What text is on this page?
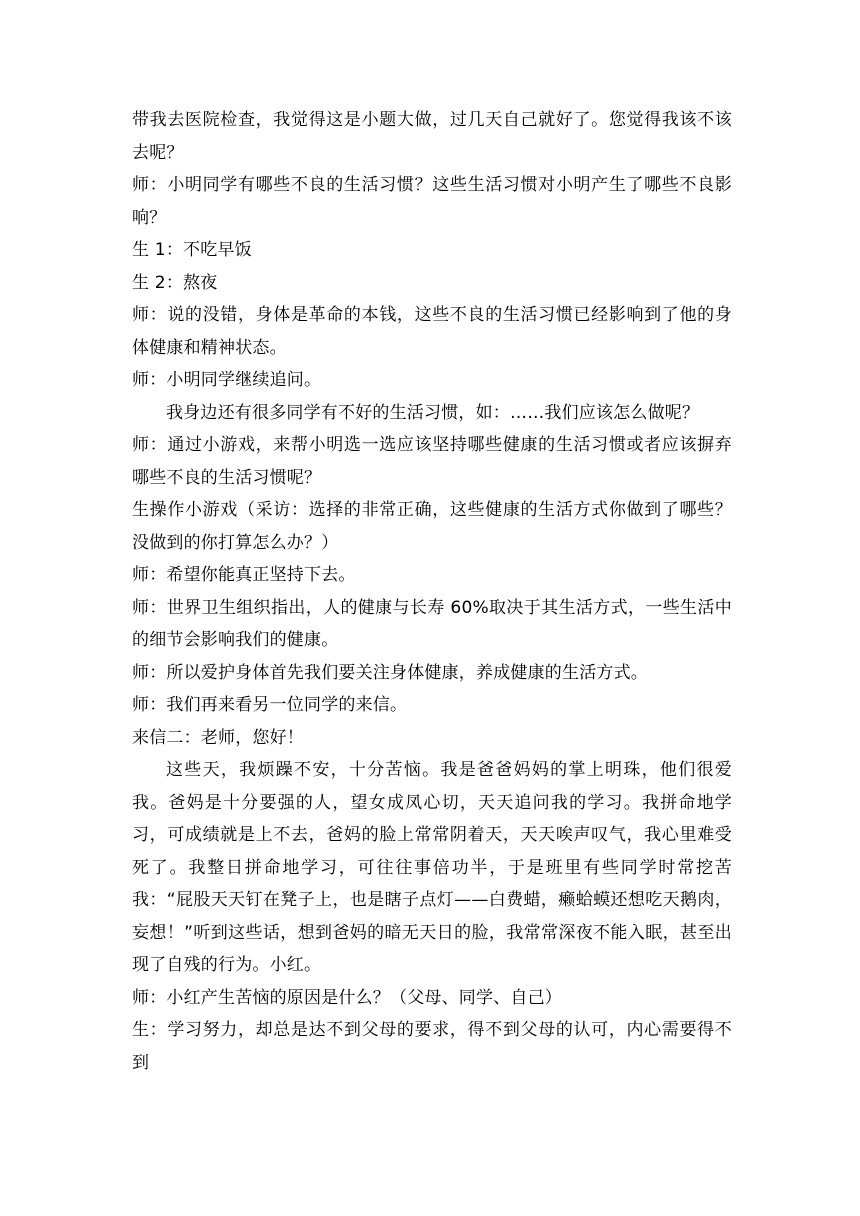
带我去医院检查，我觉得这是小题大做，过几天自己就好了。您觉得我该不该去呢？

师：小明同学有哪些不良的生活习惯？这些生活习惯对小明产生了哪些不良影响？

生 1：不吃早饭

生 2：熬夜

师：说的没错，身体是革命的本钱，这些不良的生活习惯已经影响到了他的身体健康和精神状态。

师：小明同学继续追问。

我身边还有很多同学有不好的生活习惯，如：……我们应该怎么做呢？

师：通过小游戏，来帮小明选一选应该坚持哪些健康的生活习惯或者应该摒弃哪些不良的生活习惯呢？

生操作小游戏（采访：选择的非常正确，这些健康的生活方式你做到了哪些？没做到的你打算怎么办？）

师：希望你能真正坚持下去。

师：世界卫生组织指出，人的健康与长寿 60%取决于其生活方式，一些生活中的细节会影响我们的健康。

师：所以爱护身体首先我们要关注身体健康，养成健康的生活方式。

师：我们再来看另一位同学的来信。

来信二：老师，您好！

这些天，我烦躁不安，十分苦恼。我是爸爸妈妈的掌上明珠，他们很爱我。爸妈是十分要强的人，望女成凤心切，天天追问我的学习。我拼命地学习，可成绩就是上不去，爸妈的脸上常常阴着天，天天唉声叹气，我心里难受死了。我整日拼命地学习，可往往事倍功半，于是班里有些同学时常挖苦我：“屁股天天钉在凳子上，也是瞎子点灯——白费蜡，癞蛤蟆还想吃天鹅肉，妄想！”听到这些话，想到爸妈的暗无天日的脸，我常常深夜不能入眠，甚至出现了自残的行为。小红。

师：小红产生苦恼的原因是什么？（父母、同学、自己）

生：学习努力，却总是达不到父母的要求，得不到父母的认可，内心需要得不到
